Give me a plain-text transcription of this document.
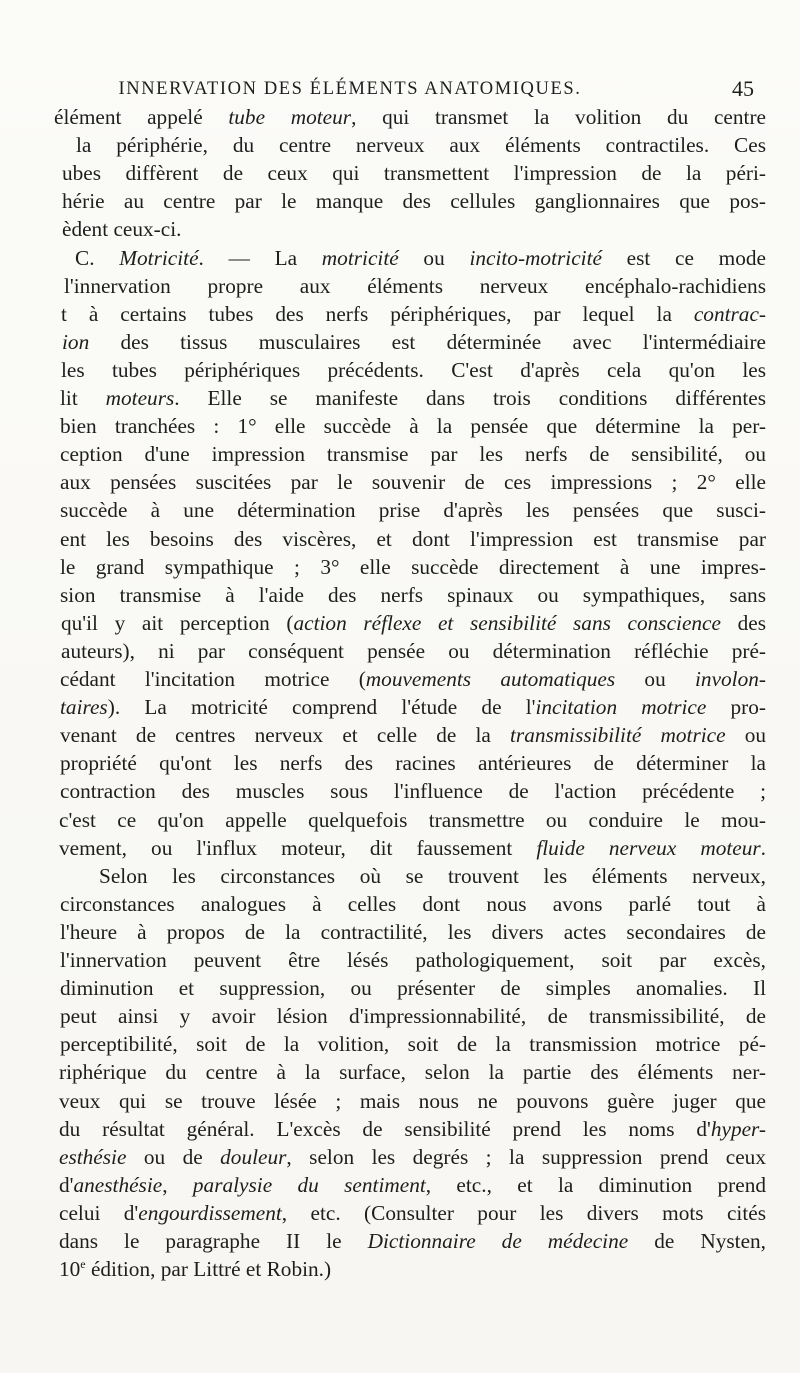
INNERVATION DES ÉLÉMENTS ANATOMIQUES.	45
élément appelé tube moteur, qui transmet la volition du centre
la périphérie, du centre nerveux aux éléments contractiles. Ces
ubes diffèrent de ceux qui transmettent l'impression de la péri-
hérie au centre par le manque des cellules ganglionnaires que pos-
èdent ceux-ci.
C. Motricité. — La motricité ou incito-motricité est ce mode
l'innervation propre aux éléments nerveux encéphalo-rachidiens
t à certains tubes des nerfs périphériques, par lequel la contrac-
ion des tissus musculaires est déterminée avec l'intermédiaire
les tubes périphériques précédents. C'est d'après cela qu'on les
lit moteurs. Elle se manifeste dans trois conditions différentes
bien tranchées : 1° elle succède à la pensée que détermine la per-
ception d'une impression transmise par les nerfs de sensibilité, ou
aux pensées suscitées par le souvenir de ces impressions ; 2° elle
succède à une détermination prise d'après les pensées que susci-
ent les besoins des viscères, et dont l'impression est transmise par
le grand sympathique ; 3° elle succède directement à une impres-
sion transmise à l'aide des nerfs spinaux ou sympathiques, sans
qu'il y ait perception (action réflexe et sensibilité sans conscience des
auteurs), ni par conséquent pensée ou détermination réfléchie pré-
cédant l'incitation motrice (mouvements automatiques ou involon-
taires). La motricité comprend l'étude de l'incitation motrice pro-
venant de centres nerveux et celle de la transmissibilité motrice ou
propriété qu'ont les nerfs des racines antérieures de déterminer la
contraction des muscles sous l'influence de l'action précédente ;
c'est ce qu'on appelle quelquefois transmettre ou conduire le mou-
vement, ou l'influx moteur, dit faussement fluide nerveux moteur.
Selon les circonstances où se trouvent les éléments nerveux,
circonstances analogues à celles dont nous avons parlé tout à
l'heure à propos de la contractilité, les divers actes secondaires de
l'innervation peuvent être lésés pathologiquement, soit par excès,
diminution et suppression, ou présenter de simples anomalies. Il
peut ainsi y avoir lésion d'impressionnabilité, de transmissibilité, de
perceptibilité, soit de la volition, soit de la transmission motrice pé-
riphérique du centre à la surface, selon la partie des éléments ner-
veux qui se trouve lésée ; mais nous ne pouvons guère juger que
du résultat général. L'excès de sensibilité prend les noms d'hyper-
esthésie ou de douleur, selon les degrés ; la suppression prend ceux
d'anesthésie, paralysie du sentiment, etc., et la diminution prend
celui d'engourdissement, etc. (Consulter pour les divers mots cités
dans le paragraphe II le Dictionnaire de médecine de Nysten,
10e édition, par Littré et Robin.)
